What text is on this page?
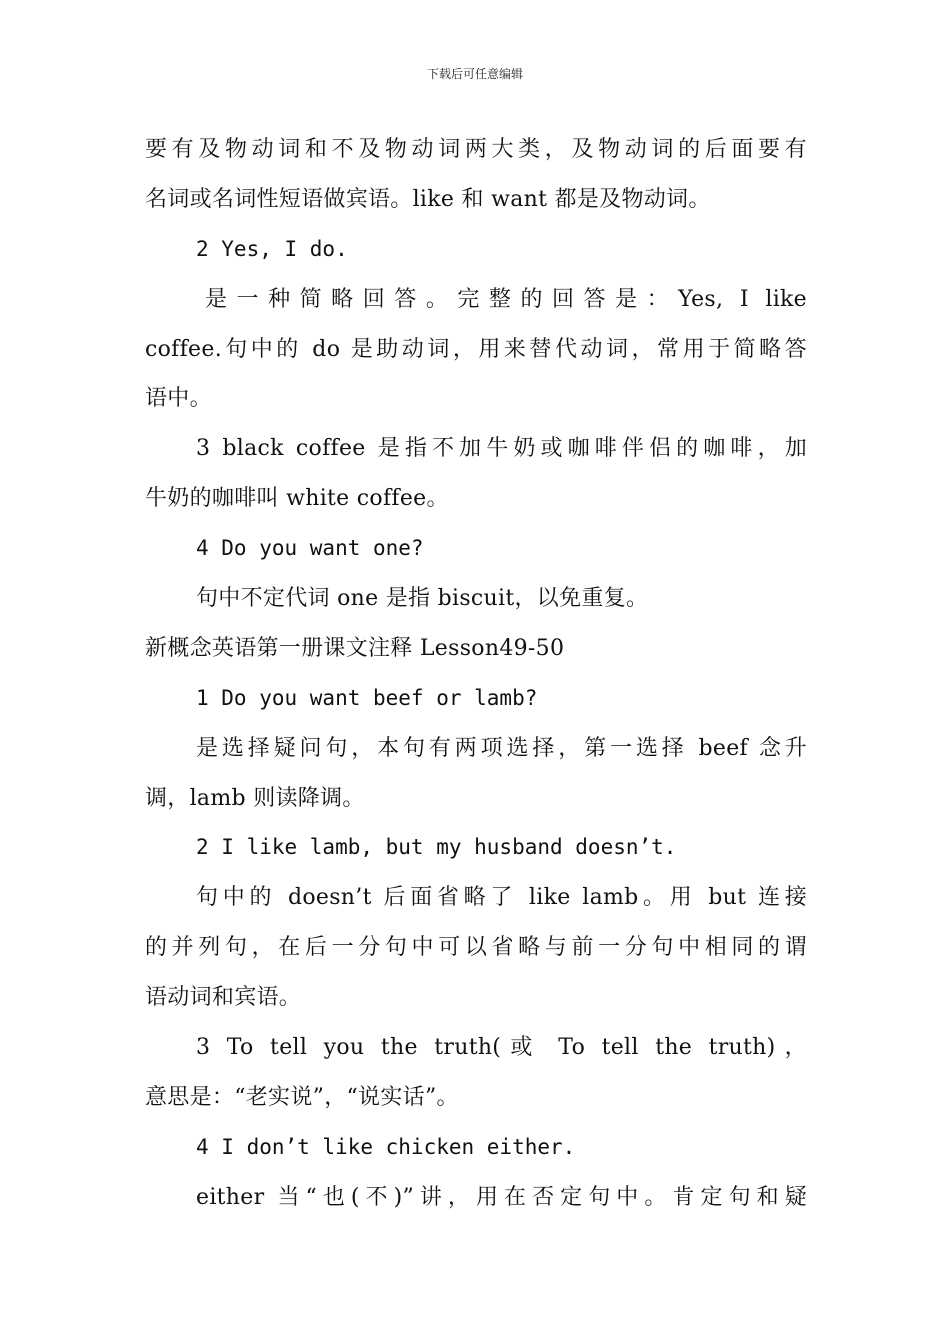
下载后可任意编辑
要有及物动词和不及物动词两大类，及物动词的后面要有
名词或名词性短语做宾语。like 和 want 都是及物动词。
2 Yes, I do.
是一种简略回答。完整的回答是：Yes, I like
coffee.句中的 do 是助动词，用来替代动词，常用于简略答
语中。
3 black coffee 是指不加牛奶或咖啡伴侣的咖啡，加
牛奶的咖啡叫 white coffee。
4 Do you want one?
句中不定代词 one 是指 biscuit，以免重复。
新概念英语第一册课文注释 Lesson49-50
1 Do you want beef or lamb?
是选择疑问句，本句有两项选择，第一选择 beef 念升
调，lamb 则读降调。
2 I like lamb, but my husband doesn’t.
句中的 doesn’t 后面省略了 like lamb。用 but 连接
的并列句，在后一分句中可以省略与前一分句中相同的谓
语动词和宾语。
3 To tell you the truth(或 To tell the truth)，
意思是：“老实说”，“说实话”。
4 I don’t like chicken either.
either 当“也(不)”讲，用在否定句中。肯定句和疑
